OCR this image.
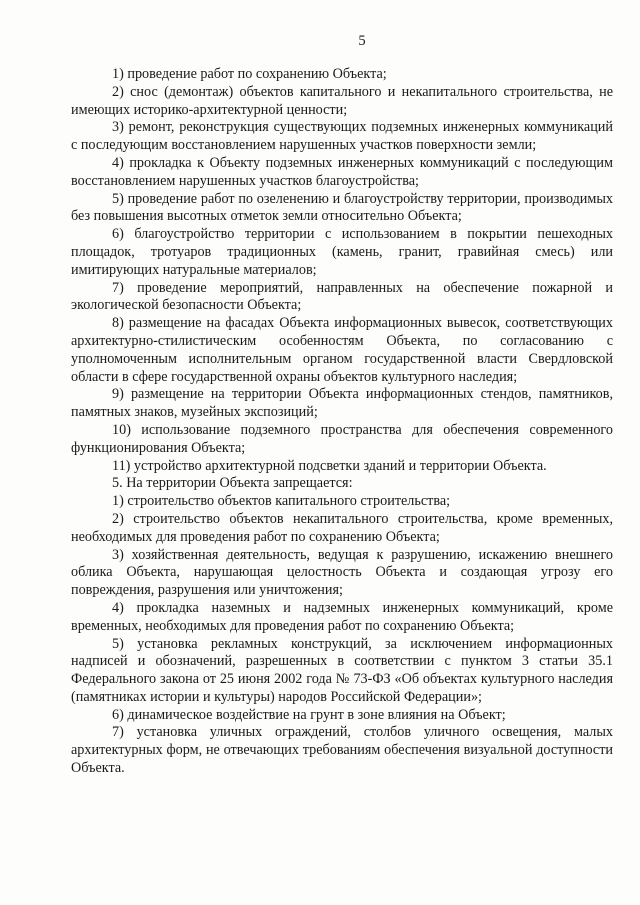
5

1) проведение работ по сохранению Объекта;

2) снос (демонтаж) объектов капитального и некапитального строительства, не имеющих историко-архитектурной ценности;

3) ремонт, реконструкция существующих подземных инженерных коммуникаций с последующим восстановлением нарушенных участков поверхности земли;

4) прокладка к Объекту подземных инженерных коммуникаций с последующим восстановлением нарушенных участков благоустройства;

5) проведение работ по озеленению и благоустройству территории, производимых без повышения высотных отметок земли относительно Объекта;

6) благоустройство территории с использованием в покрытии пешеходных площадок, тротуаров традиционных (камень, гранит, гравийная смесь) или имитирующих натуральные материалов;

7) проведение мероприятий, направленных на обеспечение пожарной и экологической безопасности Объекта;

8) размещение на фасадах Объекта информационных вывесок, соответствующих архитектурно-стилистическим особенностям Объекта, по согласованию с уполномоченным исполнительным органом государственной власти Свердловской области в сфере государственной охраны объектов культурного наследия;

9) размещение на территории Объекта информационных стендов, памятников, памятных знаков, музейных экспозиций;

10) использование подземного пространства для обеспечения современного функционирования Объекта;

11) устройство архитектурной подсветки зданий и территории Объекта.

5. На территории Объекта запрещается:

1) строительство объектов капитального строительства;

2) строительство объектов некапитального строительства, кроме временных, необходимых для проведения работ по сохранению Объекта;

3) хозяйственная деятельность, ведущая к разрушению, искажению внешнего облика Объекта, нарушающая целостность Объекта и создающая угрозу его повреждения, разрушения или уничтожения;

4) прокладка наземных и надземных инженерных коммуникаций, кроме временных, необходимых для проведения работ по сохранению Объекта;

5) установка рекламных конструкций, за исключением информационных надписей и обозначений, разрешенных в соответствии с пунктом 3 статьи 35.1 Федерального закона от 25 июня 2002 года № 73-ФЗ «Об объектах культурного наследия (памятниках истории и культуры) народов Российской Федерации»;

6) динамическое воздействие на грунт в зоне влияния на Объект;

7) установка уличных ограждений, столбов уличного освещения, малых архитектурных форм, не отвечающих требованиям обеспечения визуальной доступности Объекта.
